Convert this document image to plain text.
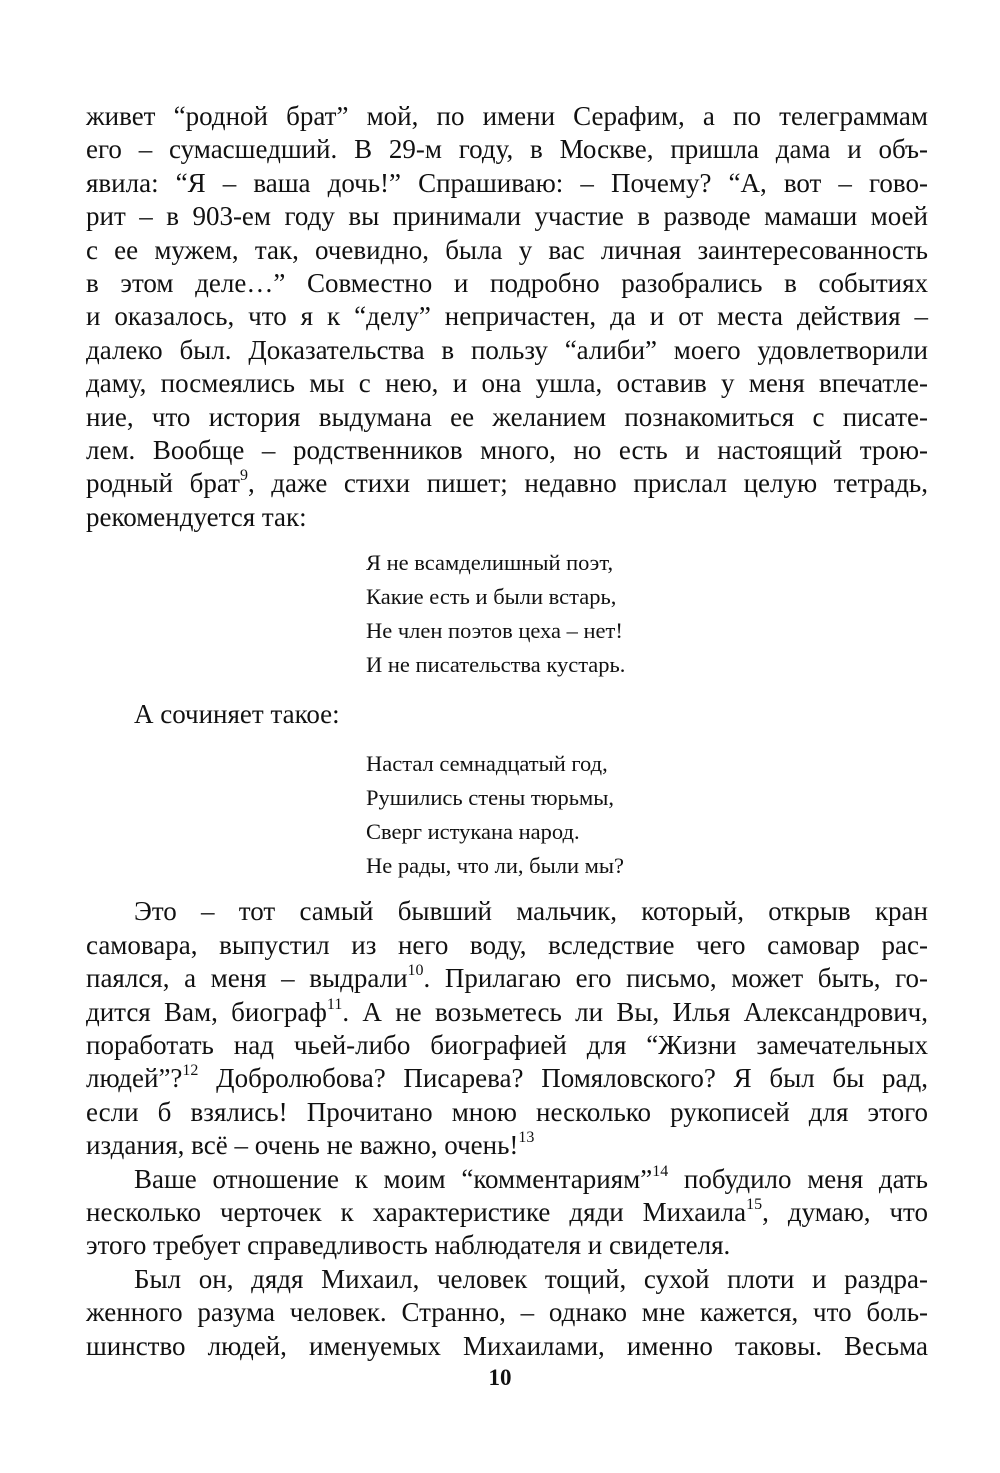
живет “родной брат” мой, по имени Серафим, а по телеграммам
его – сумасшедший. В 29-м году, в Москве, пришла дама и объ-
явила: “Я – ваша дочь!” Спрашиваю: – Почему? “А, вот – гово-
рит – в 903-ем году вы принимали участие в разводе мамаши моей
с ее мужем, так, очевидно, была у вас личная заинтересованность
в этом деле…” Совместно и подробно разобрались в событиях
и оказалось, что я к “делу” непричастен, да и от места действия –
далеко был. Доказательства в пользу “алиби” моего удовлетворили
даму, посмеялись мы с нею, и она ушла, оставив у меня впечатле-
ние, что история выдумана ее желанием познакомиться с писате-
лем. Вообще – родственников много, но есть и настоящий трою-
родный брат$^9$, даже стихи пишет; недавно прислал целую тетрадь,
рекомендуется так:
Я не всамделишный поэт,
Какие есть и были встарь,
Не член поэтов цеха – нет!
И не писательства кустарь.
А сочиняет такое:
Настал семнадцатый год,
Рушились стены тюрьмы,
Сверг истукана народ.
Не рады, что ли, были мы?
Это – тот самый бывший мальчик, который, открыв кран
самовара, выпустил из него воду, вследствие чего самовар рас-
паялся, а меня – выдрали$^{10}$. Прилагаю его письмо, может быть, го-
дится Вам, биограф$^{11}$. А не возьметесь ли Вы, Илья Александрович,
поработать над чьей-либо биографией для “Жизни замечательных
людей”?$^{12}$ Добролюбова? Писарева? Помяловского? Я был бы рад,
если б взялись! Прочитано мною несколько рукописей для этого
издания, всё – очень не важно, очень!$^{13}$
Ваше отношение к моим “комментариям”$^{14}$ побудило меня дать
несколько черточек к характеристике дяди Михаила$^{15}$, думаю, что
этого требует справедливость наблюдателя и свидетеля.
Был он, дядя Михаил, человек тощий, сухой плоти и раздра-
женного разума человек. Странно, – однако мне кажется, что боль-
шинство людей, именуемых Михаилами, именно таковы. Весьма
10
